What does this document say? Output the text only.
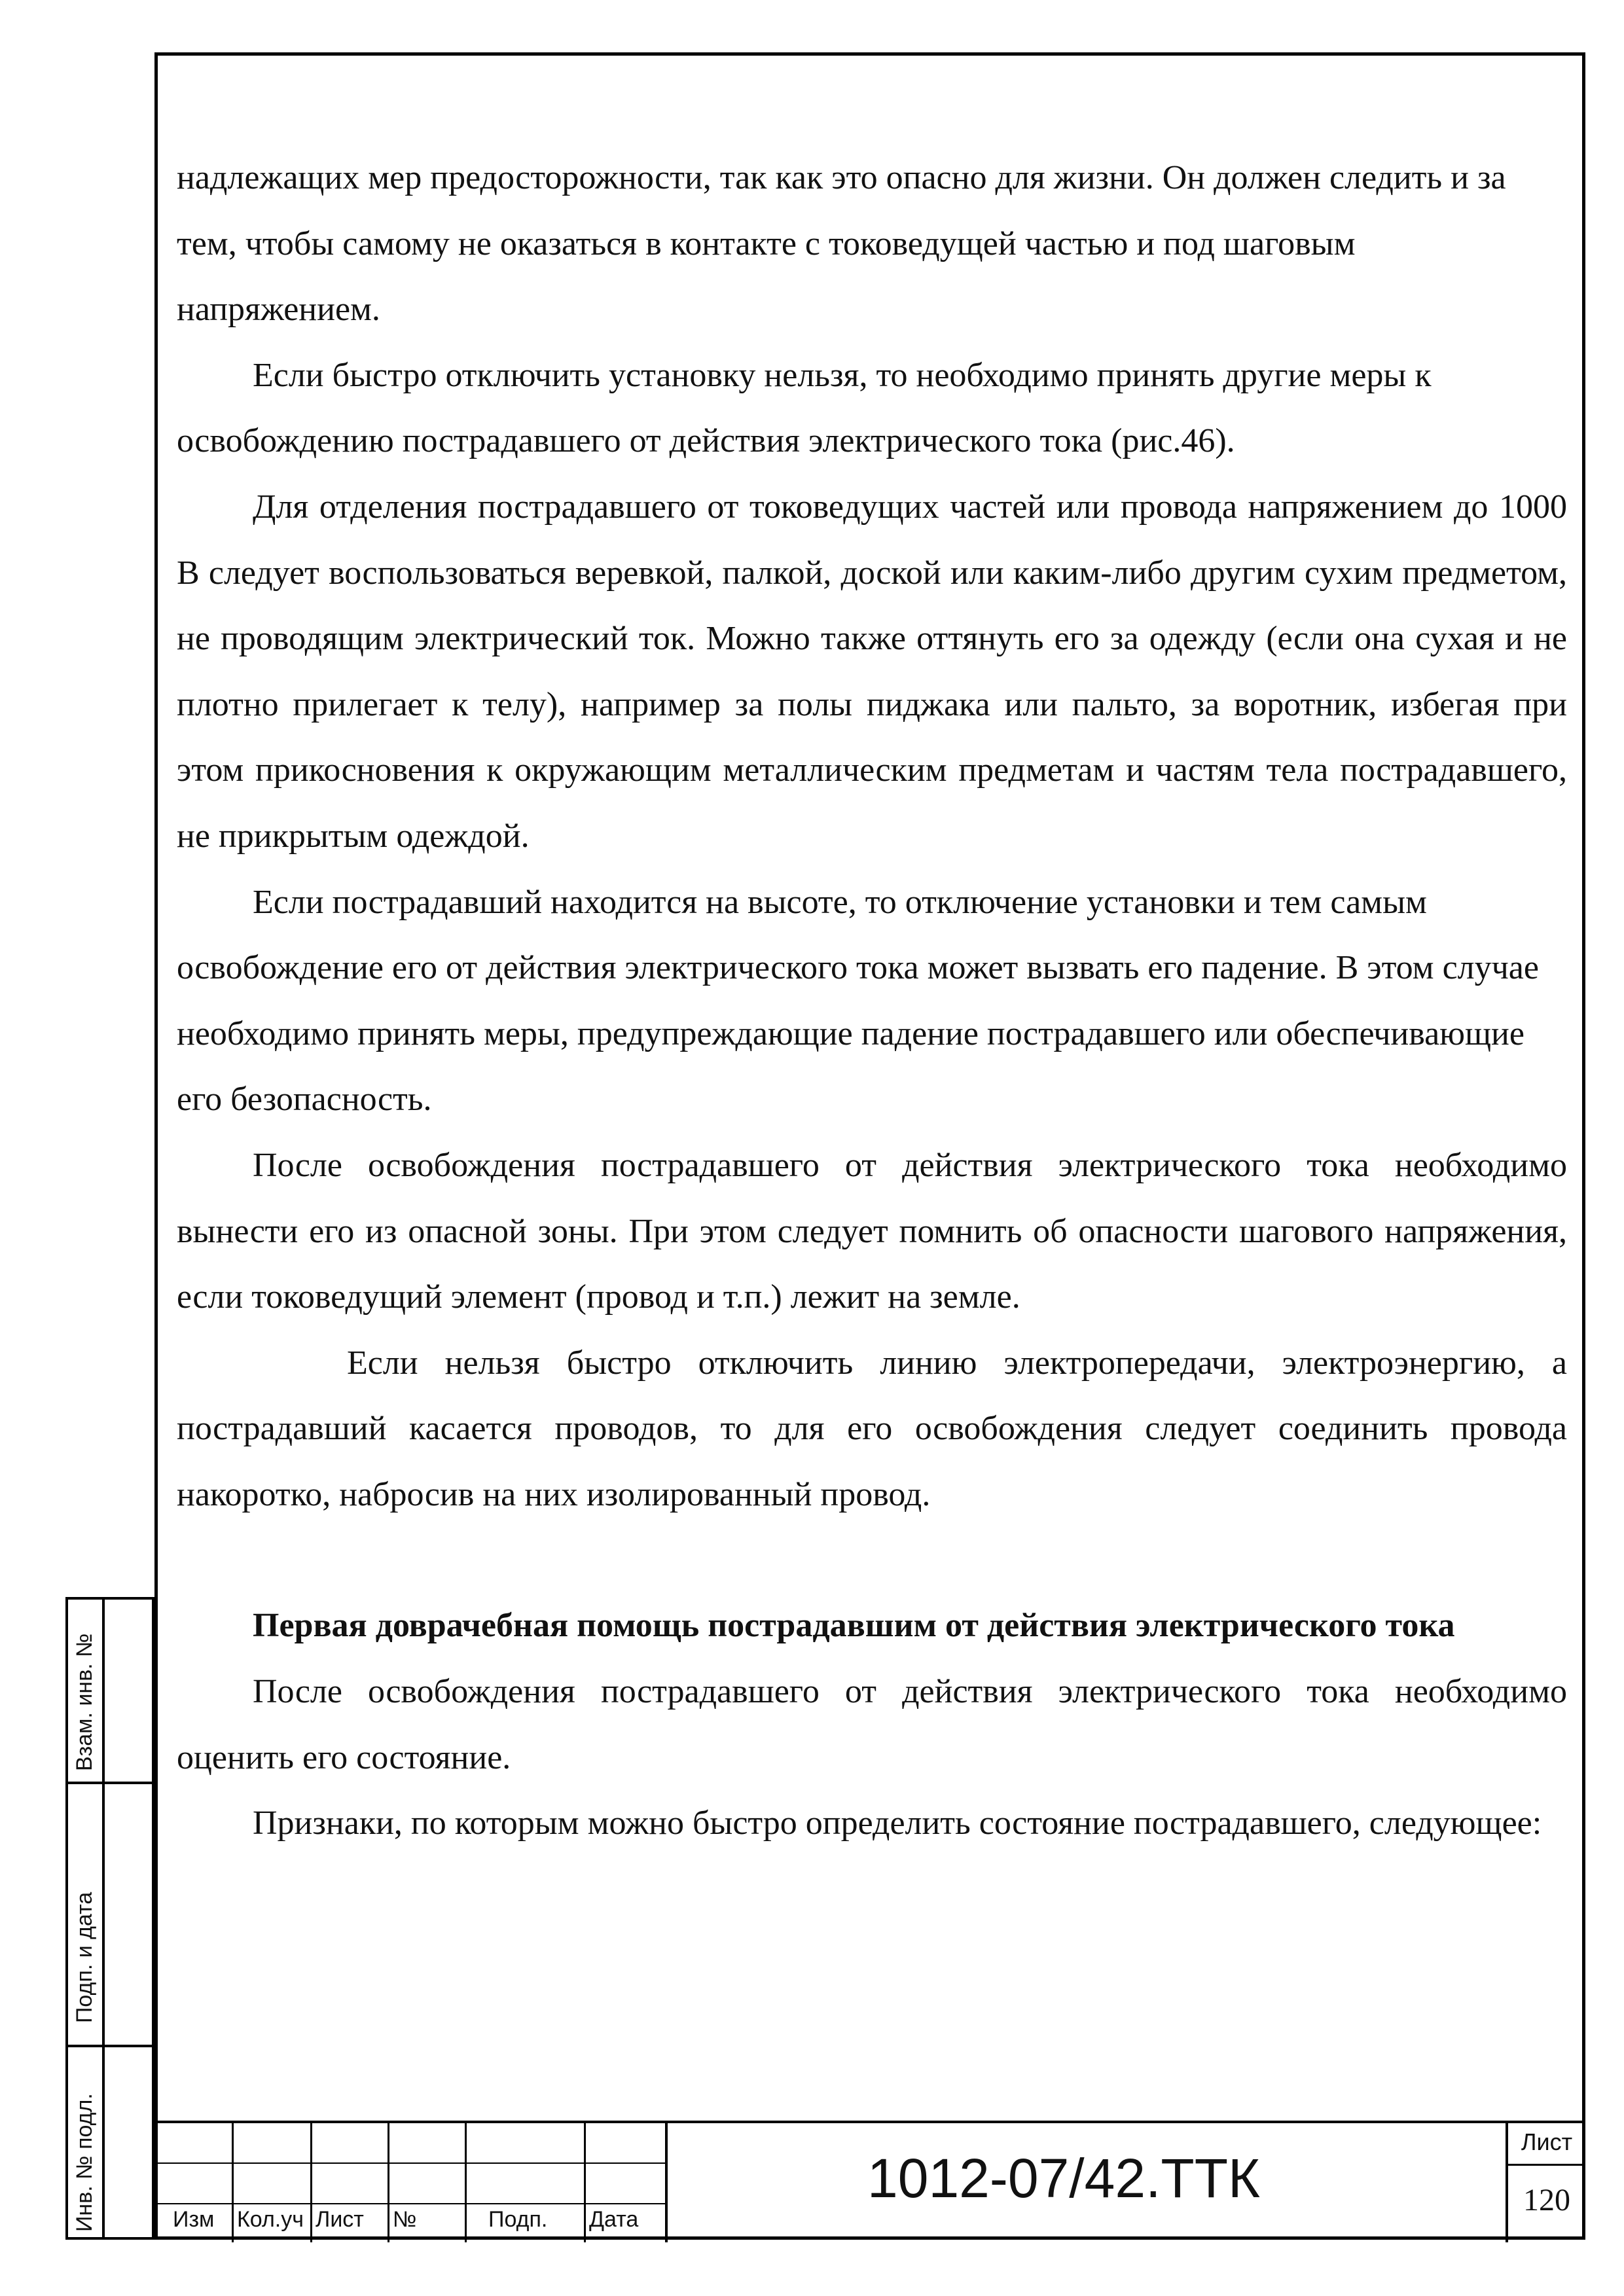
надлежащих мер предосторожности, так как это опасно для жизни. Он должен следить и за тем, чтобы самому не оказаться в контакте с токоведущей частью и под шаговым напряжением.

Если быстро отключить установку нельзя, то необходимо принять другие меры к освобождению пострадавшего от действия электрического тока (рис.46).

Для отделения пострадавшего от токоведущих частей или провода напряжением до 1000 В следует воспользоваться веревкой, палкой, доской или каким-либо другим сухим предметом, не проводящим электрический ток. Можно также оттянуть его за одежду (если она сухая и не плотно прилегает к телу), например за полы пиджака или пальто, за воротник, избегая при этом прикосновения к окружающим металлическим предметам и частям тела пострадавшего, не прикрытым одеждой.

Если пострадавший находится на высоте, то отключение установки и тем самым освобождение его от действия электрического тока может вызвать его падение. В этом случае необходимо принять меры, предупреждающие падение пострадавшего или обеспечивающие его безопасность.

После освобождения пострадавшего от действия электрического тока необходимо вынести его из опасной зоны. При этом следует помнить об опасности шагового напряжения, если токоведущий элемент (провод и т.п.) лежит на земле.

Если нельзя быстро отключить линию электропередачи, электроэнергию, а пострадавший касается проводов, то для его освобождения следует соединить провода накоротко, набросив на них изолированный провод.

Первая доврачебная помощь пострадавшим от действия электрического тока

После освобождения пострадавшего от действия электрического тока необходимо оценить его состояние.

Признаки, по которым можно быстро определить состояние пострадавшего, следующее:

Взам. инв. №
Подп. и дата
Инв. № подл.	Изм	Кол.уч Лист	№	Подп.	Дата
1012-07/42.ТТК
Лист
120
